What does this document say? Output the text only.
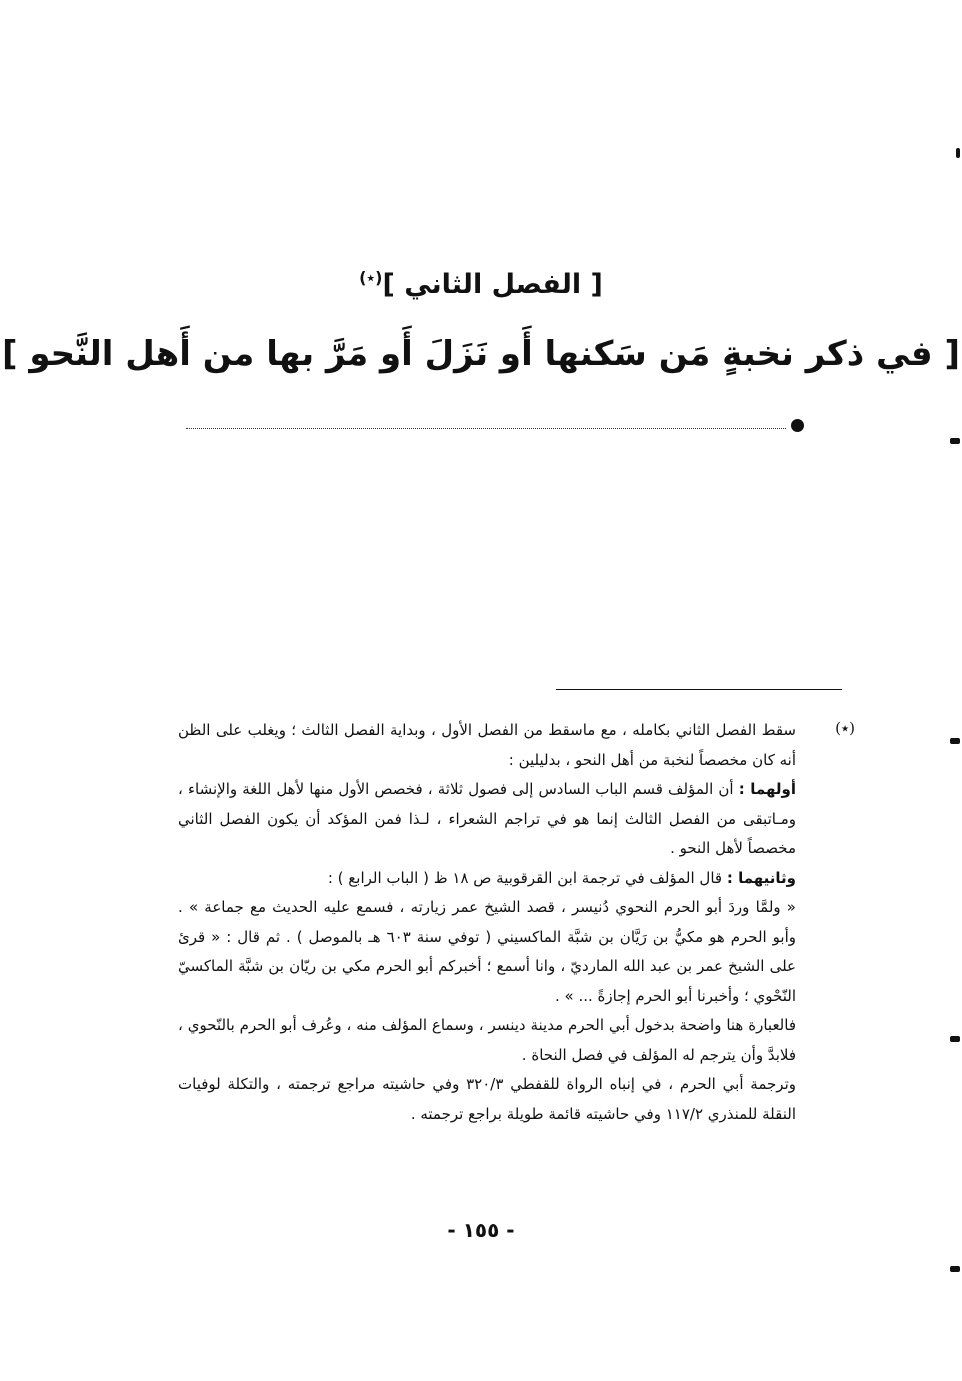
[ الفصل الثاني ](٭)
[ في ذكر نخبةٍ مَن سَكنها أَو نَزَلَ أَو مَرَّ بها من أَهل النَّحو ]
(٭)

سقط الفصل الثاني بكامله ، مع ماسقط من الفصل الأول ، وبداية الفصل الثالث ؛ ويغلب على الظن أنه كان مخصصاً لنخبة من أهل النحو ، بدليلين :

أولهما : أن المؤلف قسم الباب السادس إلى فصول ثلاثة ، فخصص الأول منها لأهل اللغة والإنشاء ، ومـاتبقى من الفصل الثالث إنما هو في تراجم الشعراء ، لـذا فمن المؤكد أن يكون الفصل الثاني مخصصاً لأهل النحو .

وثانيهما : قال المؤلف في ترجمة ابن القرقوبية ص ١٨ ظ ( الباب الرابع ) :

« ولمَّا وردَ أبو الحرم النحوي دُنيسر ، قصد الشيخ عمر زيارته ، فسمع عليه الحديث مع جماعة » . وأبو الحرم هو مكيُّ بن رَيَّان بن شبَّة الماكسيني ( توفي سنة ٦٠٣ هـ بالموصل ) . ثم قال : « قرئ على الشيخ عمر بن عبد الله المارديّ ، وانا أسمع ؛ أخبركم أبو الحرم مكي بن ريّان بن شبَّة الماكسيّ النّحْوي ؛ وأخبرنا أبو الحرم إجازةً ... » .

فالعبارة هنا واضحة بدخول أبي الحرم مدينة دينسر ، وسماع المؤلف منه ، وعُرف أبو الحرم بالنّحوي ، فلابدَّ وأن يترجم له المؤلف في فصل النحاة .

وترجمة أبي الحرم ، في إنباه الرواة للقفطي ٣٢٠/٣ وفي حاشيته مراجع ترجمته ، والتكلة لوفيات النقلة للمنذري ١١٧/٢ وفي حاشيته قائمة طويلة براجع ترجمته .

- ١٥٥ -
